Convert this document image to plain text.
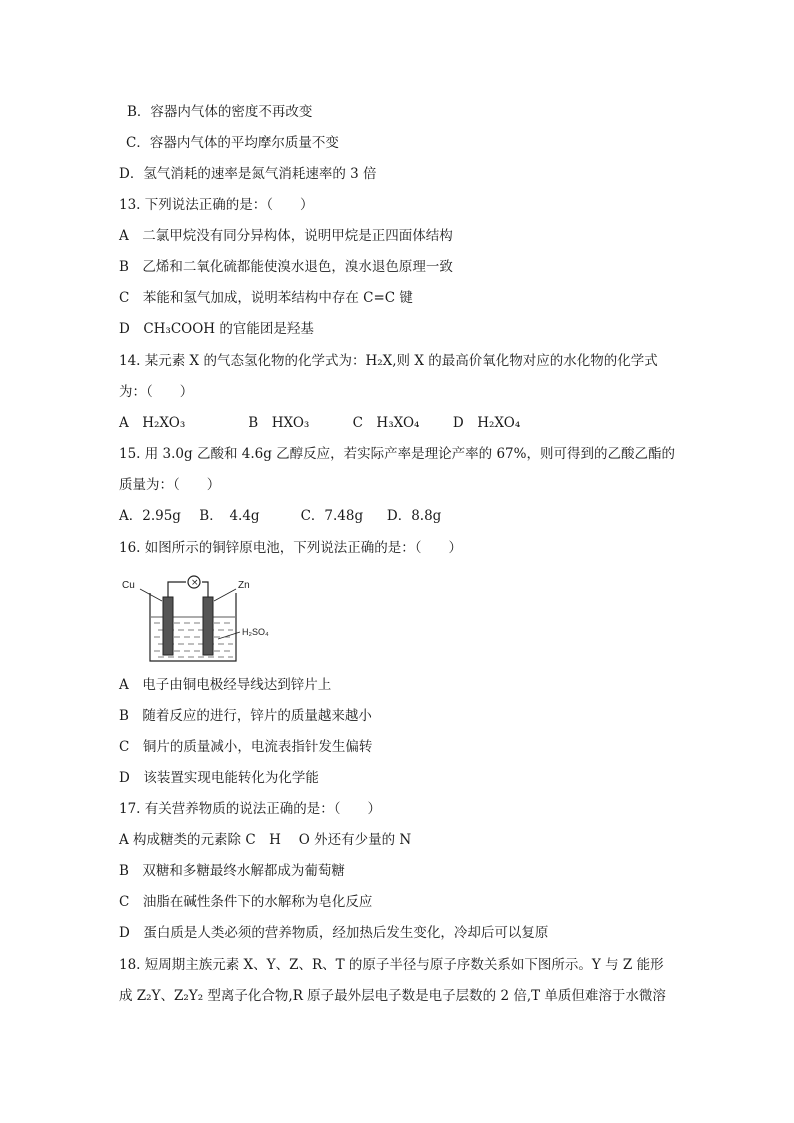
B．容器内气体的密度不再改变
C．容器内气体的平均摩尔质量不变
D．氢气消耗的速率是氮气消耗速率的 3 倍
13. 下列说法正确的是：（　　）
A　二氯甲烷没有同分异构体，说明甲烷是正四面体结构
B　乙烯和二氧化硫都能使溴水退色，溴水退色原理一致
C　苯能和氢气加成，说明苯结构中存在 C=C 键
D　CH₃COOH 的官能团是羟基
14. 某元素 X 的气态氢化物的化学式为：H₂X,则 X 的最高价氧化物对应的水化物的化学式
为：（　　）
A　H₂XO₃	B　HXO₃	C　H₃XO₄ D　H₂XO₄
15. 用 3.0g 乙酸和 4.6g 乙醇反应，若实际产率是理论产率的 67%，则可得到的乙酸乙酯的
质量为：（　　）
A．2.95g B．　4.4g	C．7.48g D．8.8g
16. 如图所示的铜锌原电池，下列说法正确的是：（　　）
×
Cu	Zn
H₂SO₄
A　电子由铜电极经导线达到锌片上
B　随着反应的进行，锌片的质量越来越小
C　铜片的质量减小，电流表指针发生偏转
D　该装置实现电能转化为化学能
17. 有关营养物质的说法正确的是：（　　）
A 构成糖类的元素除 C　H　 O 外还有少量的 N
B　双糖和多糖最终水解都成为葡萄糖
C　油脂在碱性条件下的水解称为皂化反应
D　蛋白质是人类必须的营养物质，经加热后发生变化，冷却后可以复原
18. 短周期主族元素 X、Y、Z、R、T 的原子半径与原子序数关系如下图所示。Y 与 Z 能形
成 Z₂Y、Z₂Y₂ 型离子化合物,R 原子最外层电子数是电子层数的 2 倍,T 单质但难溶于水微溶
